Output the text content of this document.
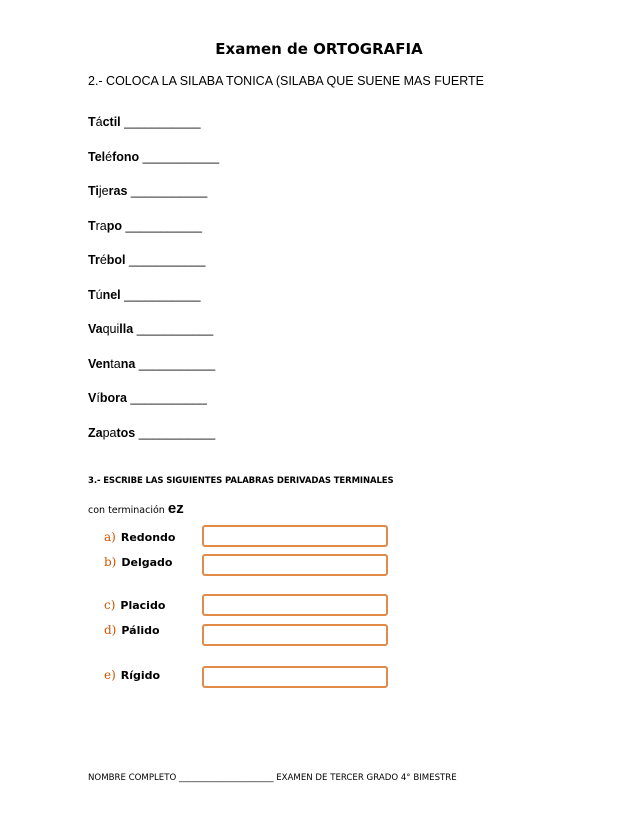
Examen de ORTOGRAFIA
2.- COLOCA LA SILABA TONICA (SILABA QUE SUENE MAS FUERTE
Táctil ___________
Teléfono ___________
Tijeras ___________
Trapo ___________
Trébol ___________
Túnel ___________
Vaquilla ___________
Ventana ___________
Víbora ___________
Zapatos ___________
3.- ESCRIBE LAS SIGUIENTES PALABRAS DERIVADAS TERMINALES
con terminación ez
a) Redondo
b) Delgado
c) Placido
d) Pálido
e) Rígido
NOMBRE COMPLETO ______________________ EXAMEN DE TERCER GRADO 4° BIMESTRE
